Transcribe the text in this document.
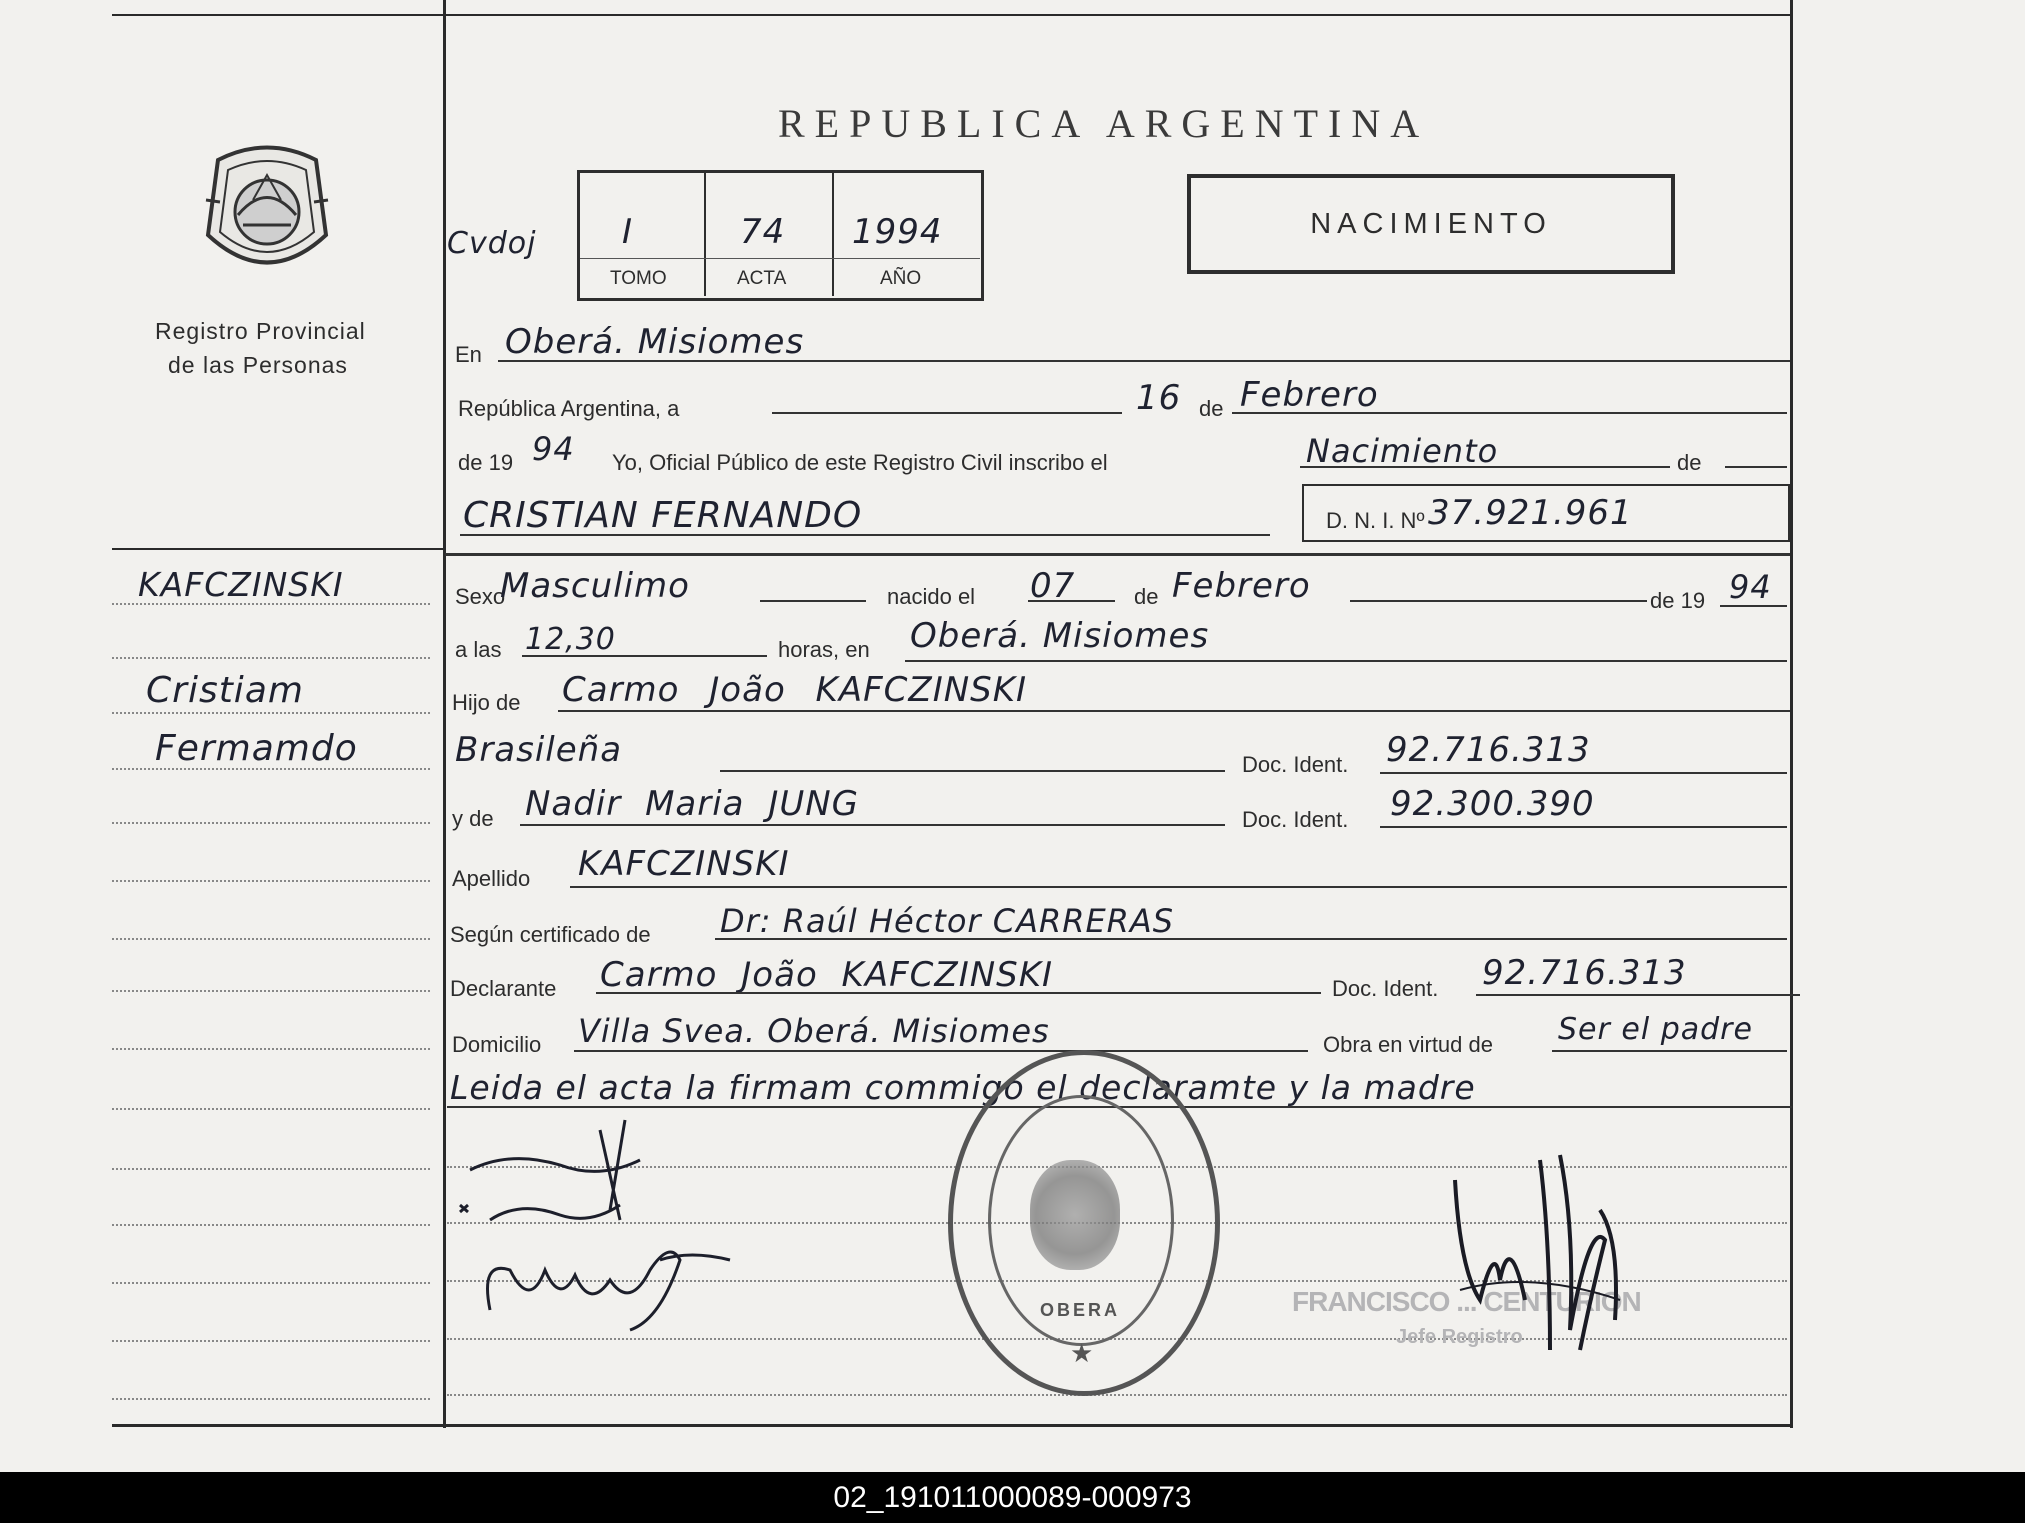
Registro Provincial
de las Personas
REPUBLICA ARGENTINA
Cvdoj	I	74 1994
TOMO	ACTA	AÑO
NACIMIENTO
En Oberá. Misiomes
República Argentina, a	16 de Febrero
de 19 94 Yo, Oficial Público de este Registro Civil inscribo el	Nacimiento	de
CRISTIAN FERNANDO	D. N. I. Nº 37.921.961
KAFCZINSKI
Cristiam
Fermamdo
Sexo
Masculimo	nacido el 07	de Febrero	de 19 94
a las 12,30	horas, en Oberá. Misiomes
Hijo de Carmo João KAFCZINSKI
Brasileña	Doc. Ident. 92.716.313
y de Nadir Maria JUNG	Doc. Ident. 92.300.390
Apellido KAFCZINSKI
Según certificado de Dr: Raúl Héctor CARRERAS
Declarante Carmo João KAFCZINSKI	Doc. Ident. 92.716.313
Domicilio Villa Svea. Oberá. Misiomes	Obra en virtud de Ser el padre
Leida el acta la firmam commigo el declaramte y la madre
OBERA
★
FRANCISCO ... CENTURION
Jefe Registro
02_191011000089-000973
